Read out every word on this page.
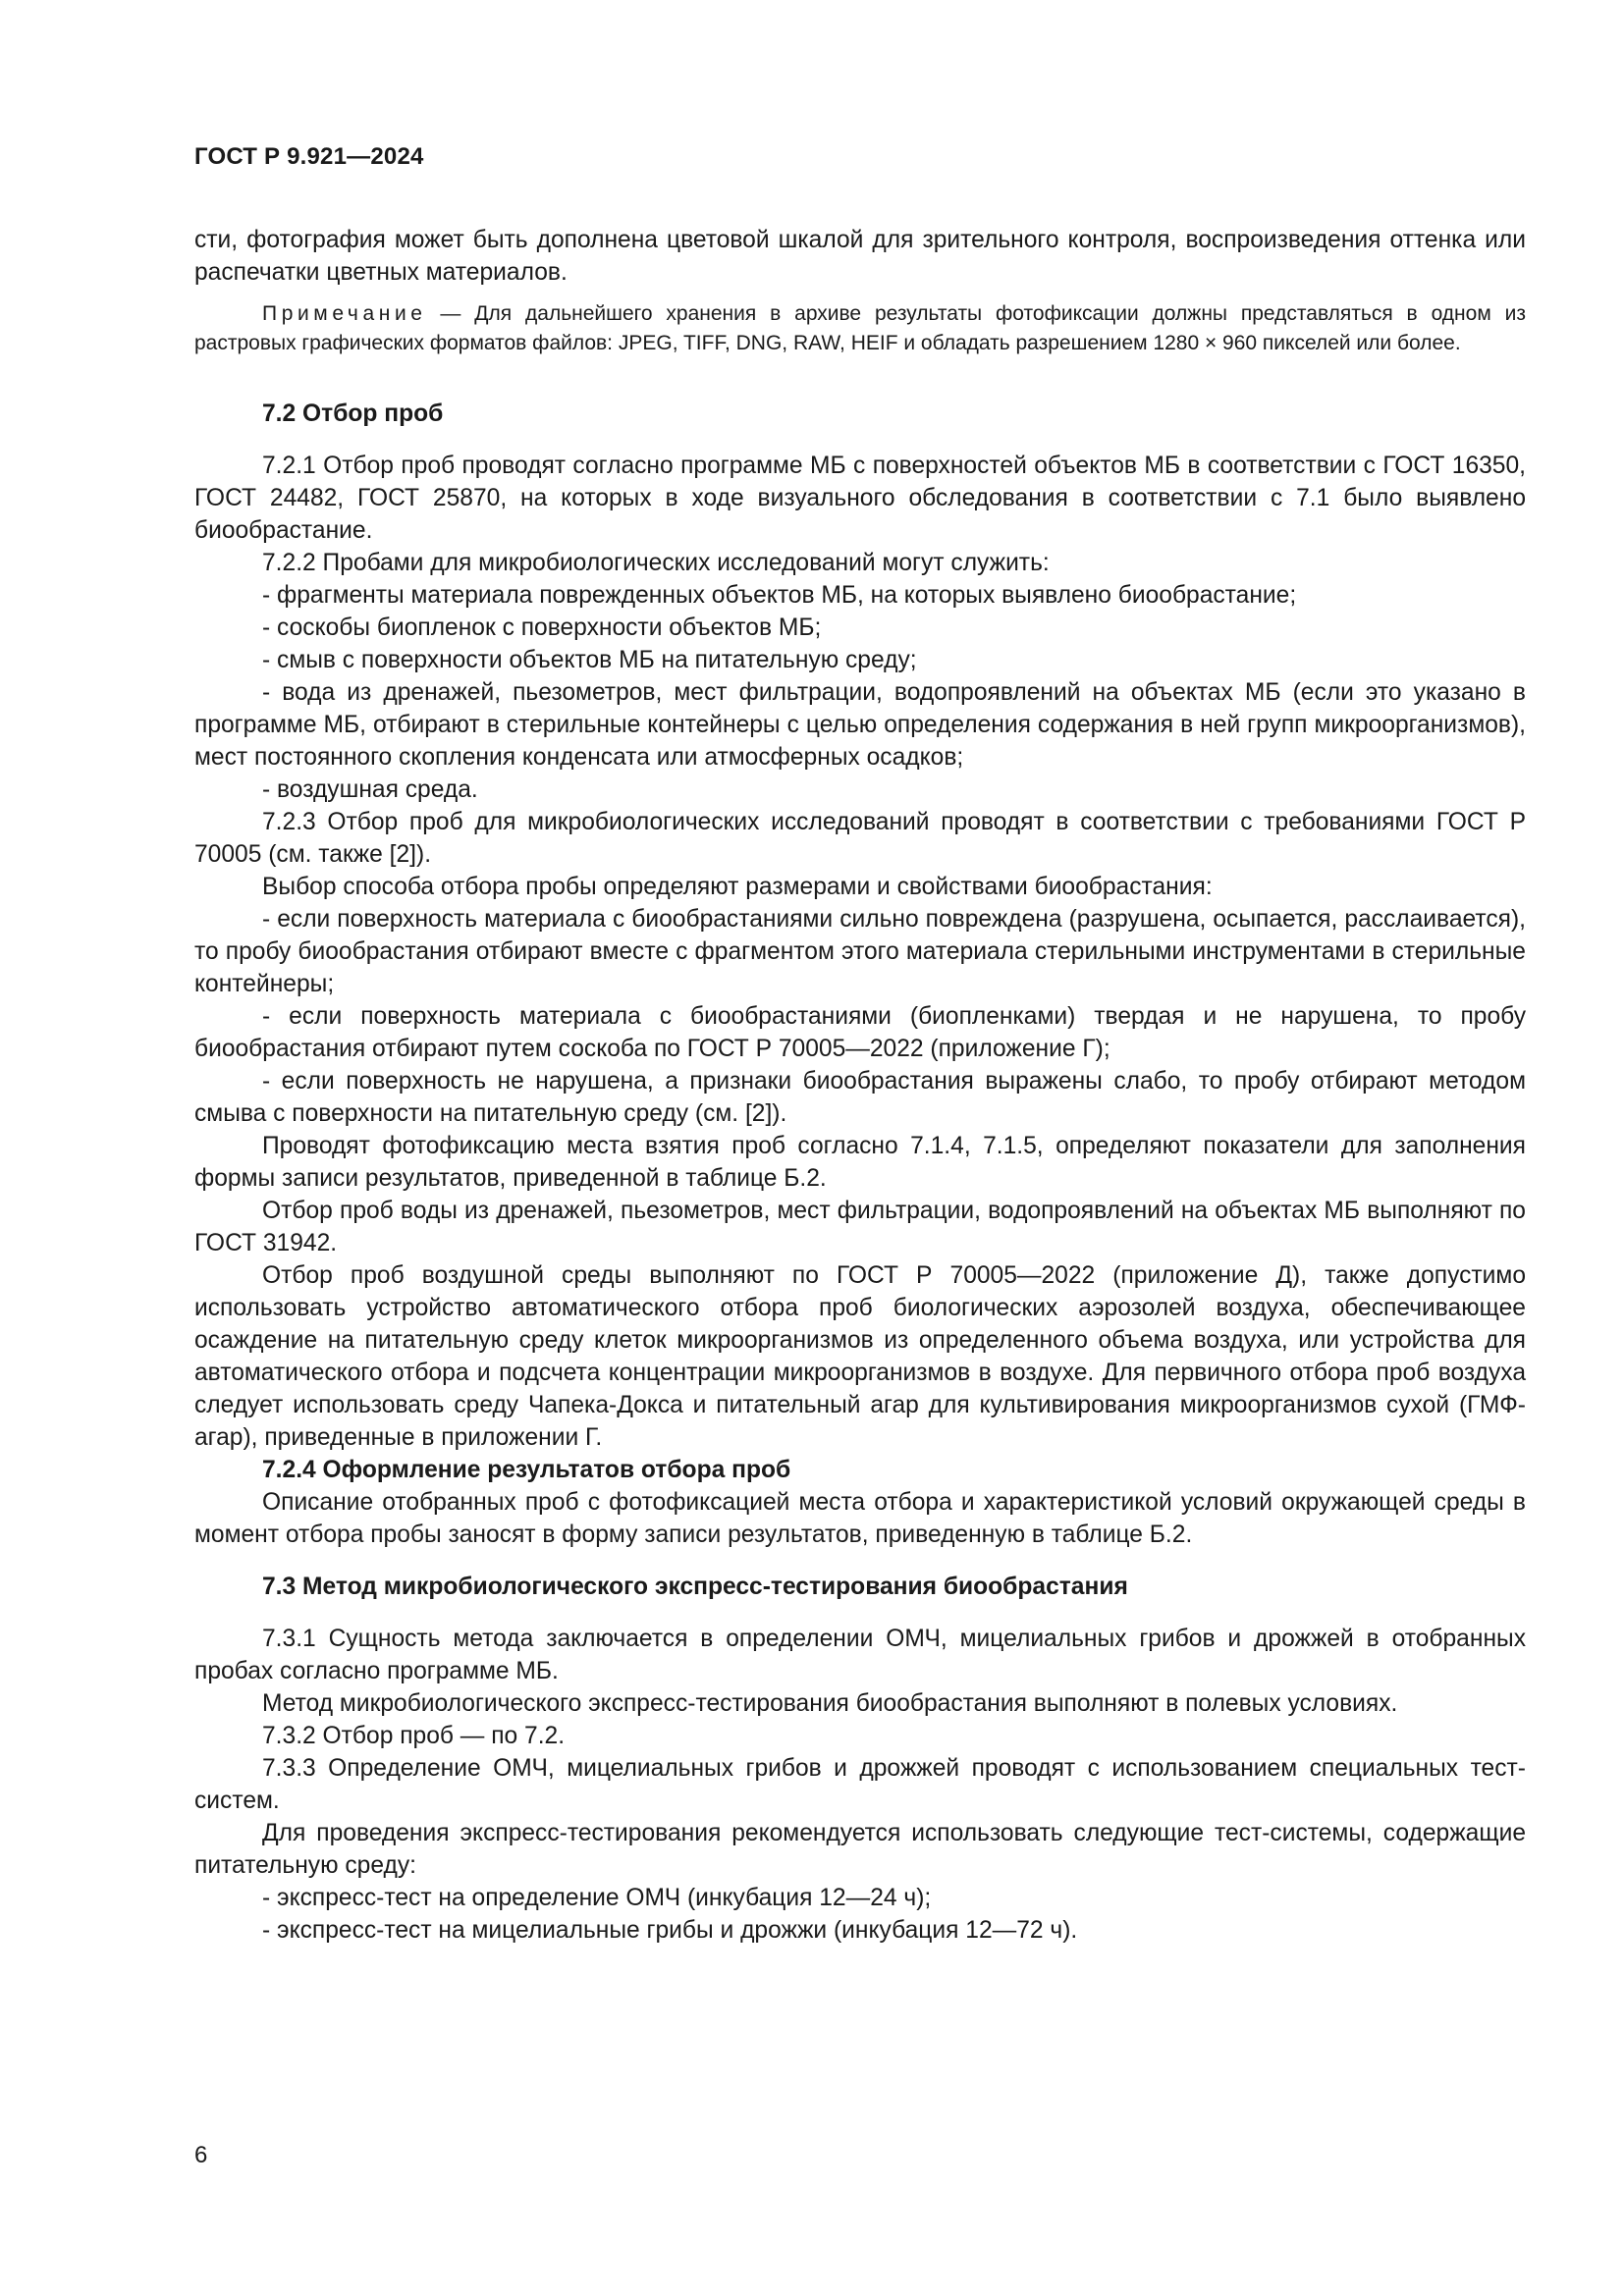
ГОСТ Р 9.921—2024

сти, фотография может быть дополнена цветовой шкалой для зрительного контроля, воспроизведения оттенка или распечатки цветных материалов.

Примечание — Для дальнейшего хранения в архиве результаты фотофиксации должны представляться в одном из растровых графических форматов файлов: JPEG, TIFF, DNG, RAW, HEIF и обладать разрешением 1280 × 960 пикселей или более.

7.2 Отбор проб

7.2.1 Отбор проб проводят согласно программе МБ с поверхностей объектов МБ в соответствии с ГОСТ 16350, ГОСТ 24482, ГОСТ 25870, на которых в ходе визуального обследования в соответствии с 7.1 было выявлено биообрастание.

7.2.2 Пробами для микробиологических исследований могут служить:

- фрагменты материала поврежденных объектов МБ, на которых выявлено биообрастание;

- соскобы биопленок с поверхности объектов МБ;

- смыв с поверхности объектов МБ на питательную среду;

- вода из дренажей, пьезометров, мест фильтрации, водопроявлений на объектах МБ (если это указано в программе МБ, отбирают в стерильные контейнеры с целью определения содержания в ней групп микроорганизмов), мест постоянного скопления конденсата или атмосферных осадков;

- воздушная среда.

7.2.3 Отбор проб для микробиологических исследований проводят в соответствии с требованиями ГОСТ Р 70005 (см. также [2]).

Выбор способа отбора пробы определяют размерами и свойствами биообрастания:

- если поверхность материала с биообрастаниями сильно повреждена (разрушена, осыпается, расслаивается), то пробу биообрастания отбирают вместе с фрагментом этого материала стерильными инструментами в стерильные контейнеры;

- если поверхность материала с биообрастаниями (биопленками) твердая и не нарушена, то пробу биообрастания отбирают путем соскоба по ГОСТ Р 70005—2022 (приложение Г);

- если поверхность не нарушена, а признаки биообрастания выражены слабо, то пробу отбирают методом смыва с поверхности на питательную среду (см. [2]).

Проводят фотофиксацию места взятия проб согласно 7.1.4, 7.1.5, определяют показатели для заполнения формы записи результатов, приведенной в таблице Б.2.

Отбор проб воды из дренажей, пьезометров, мест фильтрации, водопроявлений на объектах МБ выполняют по ГОСТ 31942.

Отбор проб воздушной среды выполняют по ГОСТ Р 70005—2022 (приложение Д), также допустимо использовать устройство автоматического отбора проб биологических аэрозолей воздуха, обеспечивающее осаждение на питательную среду клеток микроорганизмов из определенного объема воздуха, или устройства для автоматического отбора и подсчета концентрации микроорганизмов в воздухе. Для первичного отбора проб воздуха следует использовать среду Чапека-Докса и питательный агар для культивирования микроорганизмов сухой (ГМФ-агар), приведенные в приложении Г.

7.2.4 Оформление результатов отбора проб

Описание отобранных проб с фотофиксацией места отбора и характеристикой условий окружающей среды в момент отбора пробы заносят в форму записи результатов, приведенную в таблице Б.2.

7.3 Метод микробиологического экспресс-тестирования биообрастания

7.3.1 Сущность метода заключается в определении ОМЧ, мицелиальных грибов и дрожжей в отобранных пробах согласно программе МБ.

Метод микробиологического экспресс-тестирования биообрастания выполняют в полевых условиях.

7.3.2 Отбор проб — по 7.2.

7.3.3 Определение ОМЧ, мицелиальных грибов и дрожжей проводят с использованием специальных тест-систем.

Для проведения экспресс-тестирования рекомендуется использовать следующие тест-системы, содержащие питательную среду:

- экспресс-тест на определение ОМЧ (инкубация 12—24 ч);

- экспресс-тест на мицелиальные грибы и дрожжи (инкубация 12—72 ч).

6
